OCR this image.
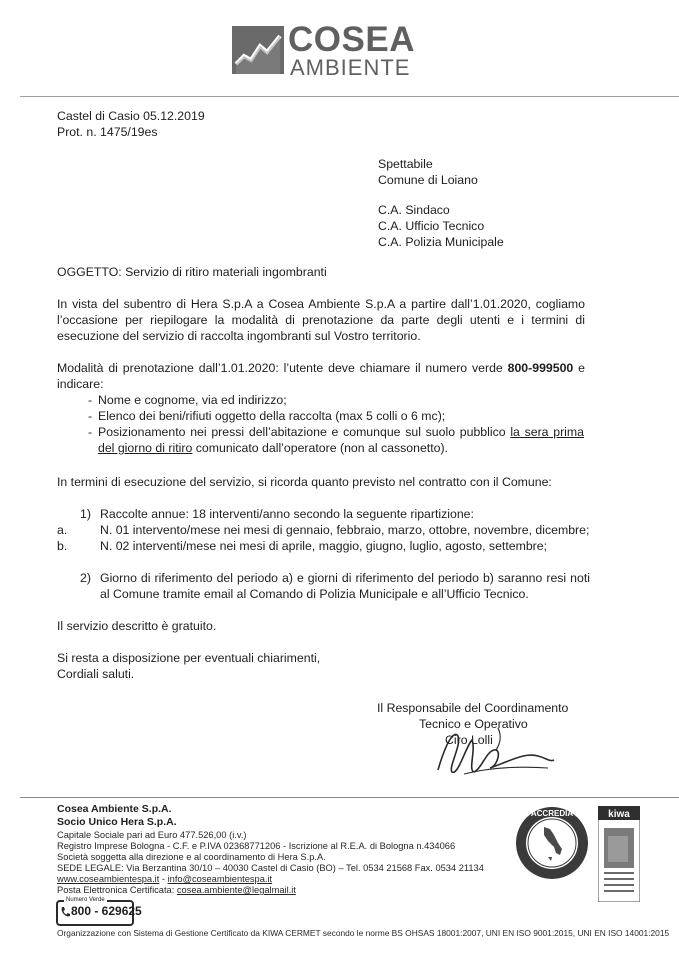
COSEA
AMBIENTE
Castel di Casio 05.12.2019
Prot. n. 1475/19es
Spettabile
Comune di Loiano
C.A. Sindaco
C.A. Ufficio Tecnico
C.A. Polizia Municipale
OGGETTO: Servizio di ritiro materiali ingombranti
In vista del subentro di Hera S.p.A a Cosea Ambiente S.p.A a partire dall’1.01.2020, cogliamo l’occasione per riepilogare la modalità di prenotazione da parte degli utenti e i termini di esecuzione del servizio di raccolta ingombranti sul Vostro territorio.
Modalità di prenotazione dall’1.01.2020: l’utente deve chiamare il numero verde 800-999500 e indicare:
- Nome e cognome, via ed indirizzo;
- Elenco dei beni/rifiuti oggetto della raccolta (max 5 colli o 6 mc);
- Posizionamento nei pressi dell’abitazione e comunque sul suolo pubblico la sera prima del giorno di ritiro comunicato dall’operatore (non al cassonetto).
In termini di esecuzione del servizio, si ricorda quanto previsto nel contratto con il Comune:
1) Raccolte annue: 18 interventi/anno secondo la seguente ripartizione:
a.	N. 01 intervento/mese nei mesi di gennaio, febbraio, marzo, ottobre, novembre, dicembre;
b.	N. 02 interventi/mese nei mesi di aprile, maggio, giugno, luglio, agosto, settembre;
2) Giorno di riferimento del periodo a) e giorni di riferimento del periodo b) saranno resi noti al Comune tramite email al Comando di Polizia Municipale e all’Ufficio Tecnico.
Il servizio descritto è gratuito.
Si resta a disposizione per eventuali chiarimenti,
Cordiali saluti.
Il Responsabile del Coordinamento
Tecnico e Operativo
Ciro Lolli
Cosea Ambiente S.p.A.
Socio Unico Hera S.p.A.
Capitale Sociale pari ad Euro 477.526,00 (i.v.)
Registro Imprese Bologna - C.F. e P.IVA 02368771206 - Iscrizione al R.E.A. di Bologna n.434066
Società soggetta alla direzione e al coordinamento di Hera S.p.A.
SEDE LEGALE: Via Berzantina 30/10 – 40030 Castel di Casio (BO) – Tel. 0534 21568 Fax. 0534 21134
www.coseambientespa.it - info@coseambientespa.it
Posta Elettronica Certificata: cosea.ambiente@legalmail.it
Numero Verde
800 - 629625
Organizzazione con Sistema di Gestione Certificato da KIWA CERMET secondo le norme BS OHSAS 18001:2007, UNI EN ISO 9001:2015, UNI EN ISO 14001:2015
ACCREDIA	kiwa
